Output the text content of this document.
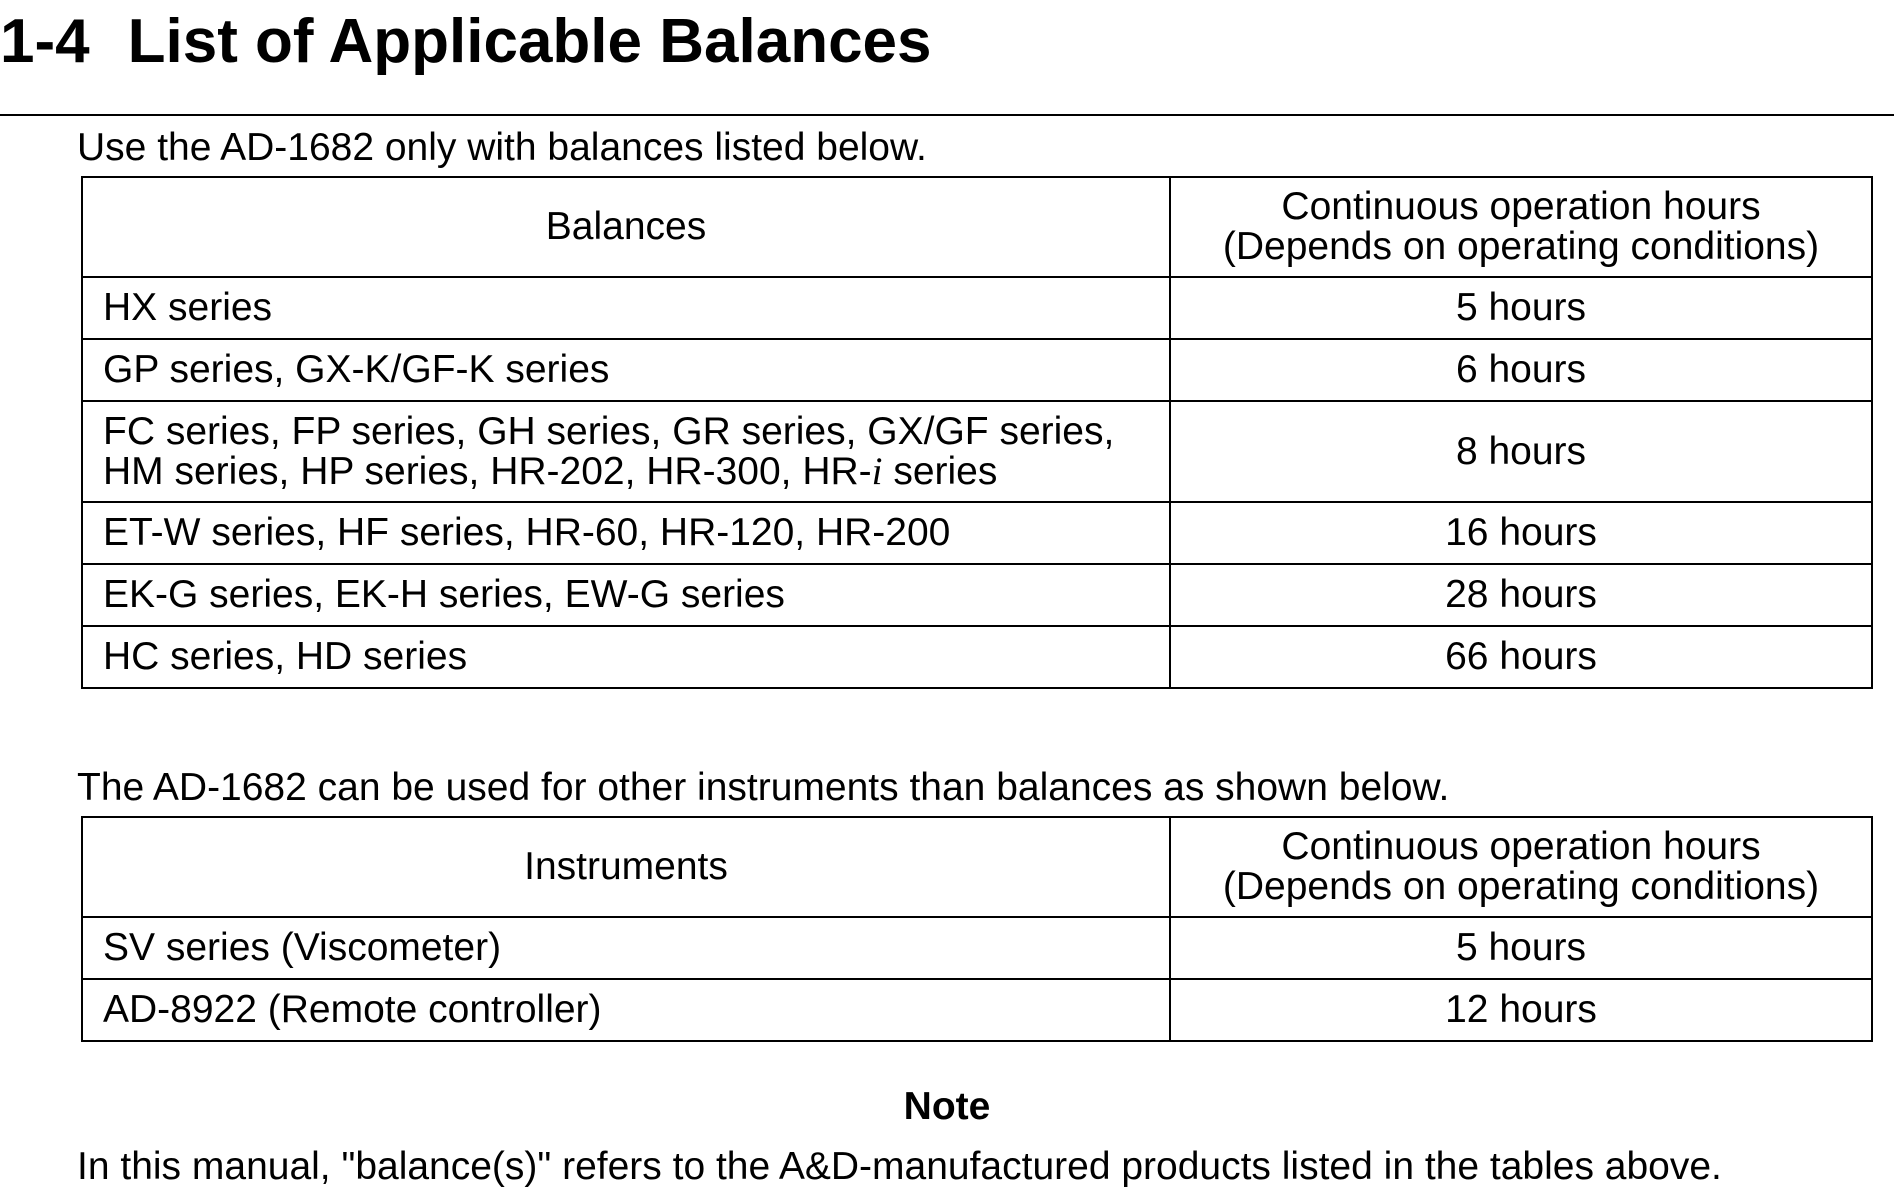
1-4 List of Applicable Balances

Use the AD-1682 only with balances listed below.

Balances	Continuous operation hours
(Depends on operating conditions)

HX series	5 hours
GP series, GX-K/GF-K series	6 hours

FC series, FP series, GH series, GR series, GX/GF series,
HM series, HP series, HR-202, HR-300, HR-i series	8 hours
ET-W series, HF series, HR-60, HR-120, HR-200	16 hours
EK-G series, EK-H series, EW-G series	28 hours
HC series, HD series	66 hours

The AD-1682 can be used for other instruments than balances as shown below.

Instruments	Continuous operation hours
(Depends on operating conditions)

SV series (Viscometer)	5 hours
AD-8922 (Remote controller)	12 hours

Note

In this manual, "balance(s)" refers to the A&D-manufactured products listed in the tables above.
